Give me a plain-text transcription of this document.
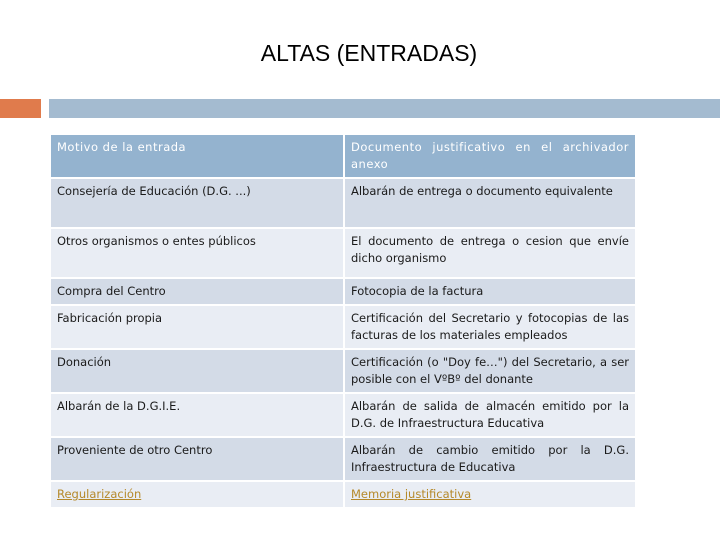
ALTAS (ENTRADAS)
Motivo de la entrada	Documento justificativo en el archivador anexo
Consejería de Educación (D.G. ...)	Albarán de entrega o documento equivalente
Otros organismos o entes públicos	El documento de entrega o cesion que envíe dicho organismo
Compra del Centro	Fotocopia de la factura
Fabricación propia	Certificación del Secretario y fotocopias de las facturas de los materiales empleados
Donación	Certificación (o "Doy fe…") del Secretario, a ser posible con el VºBº del donante
Albarán de la D.G.I.E.	Albarán de salida de almacén emitido por la D.G. de Infraestructura Educativa
Proveniente de otro Centro	Albarán de cambio emitido por la D.G. Infraestructura de Educativa
Regularización	Memoria justificativa
